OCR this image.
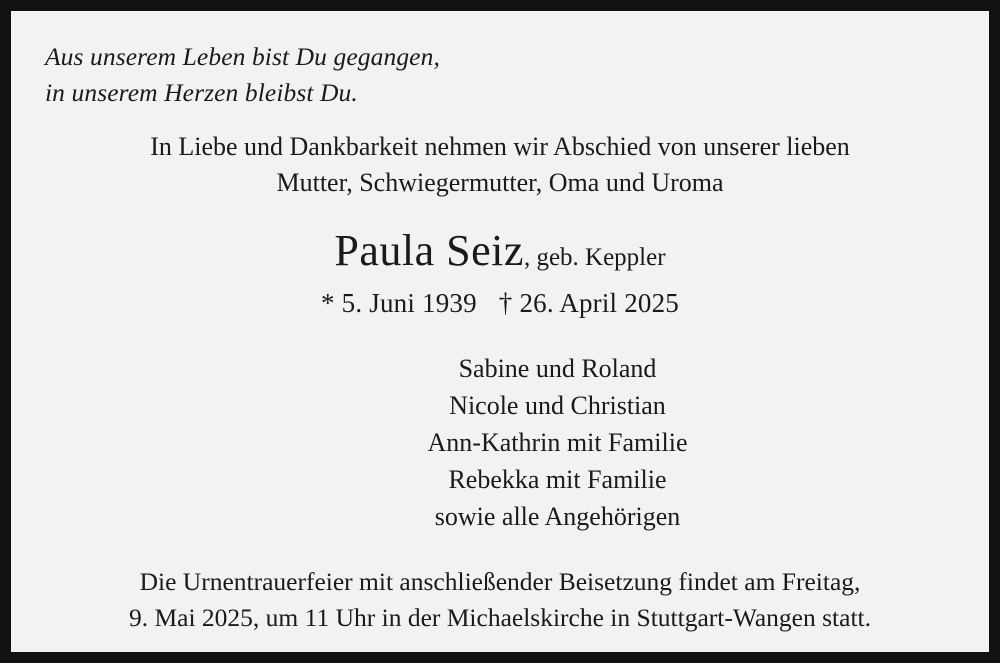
Aus unserem Leben bist Du gegangen,
in unserem Herzen bleibst Du.
In Liebe und Dankbarkeit nehmen wir Abschied von unserer lieben
Mutter, Schwiegermutter, Oma und Uroma
Paula Seiz, geb. Keppler
* 5. Juni 1939 † 26. April 2025
Sabine und Roland
Nicole und Christian
Ann-Kathrin mit Familie
Rebekka mit Familie
sowie alle Angehörigen
Die Urnentrauerfeier mit anschließender Beisetzung findet am Freitag,
9. Mai 2025, um 11 Uhr in der Michaelskirche in Stuttgart-Wangen statt.
